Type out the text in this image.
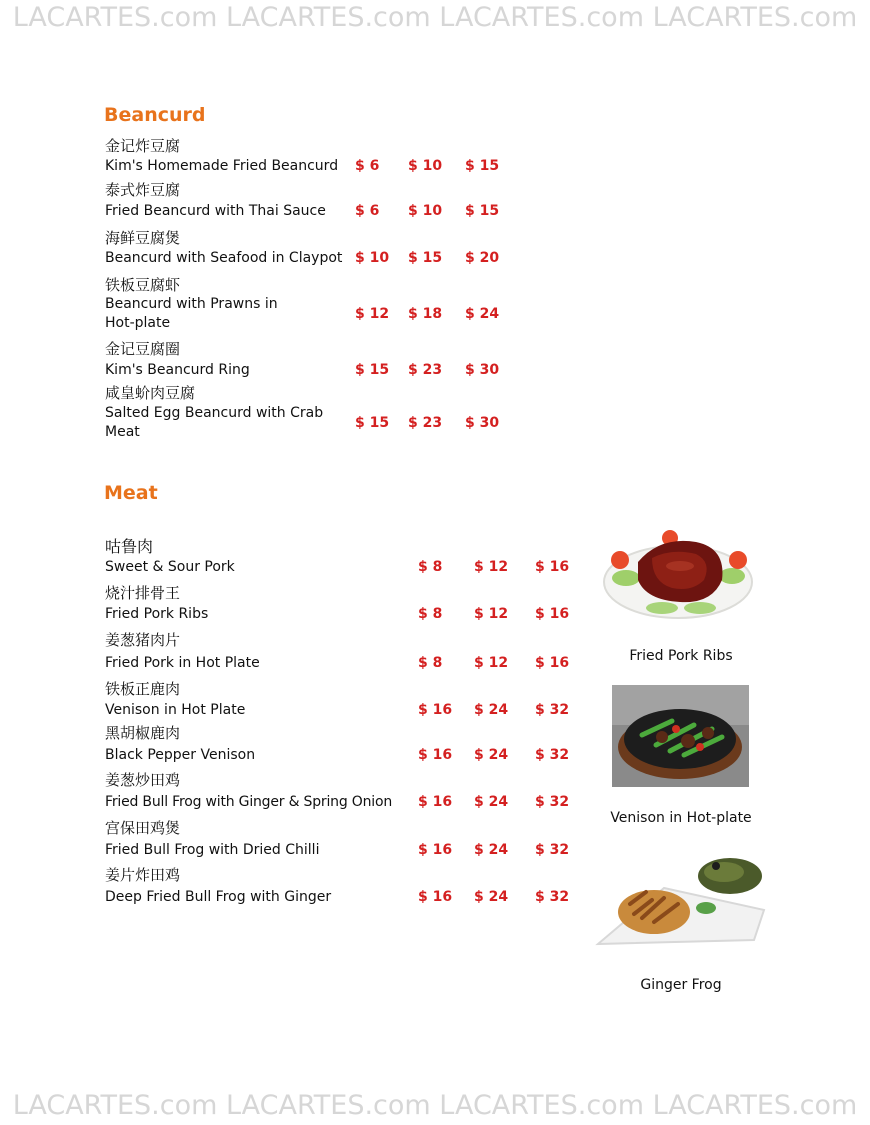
LACARTES.com LACARTES.com LACARTES.com LACARTES.com
Beancurd
金记炸豆腐
Kim's Homemade Fried Beancurd $ 6 $ 10 $ 15
泰式炸豆腐
Fried Beancurd with Thai Sauce $ 6 $ 10 $ 15
海鲜豆腐煲
Beancurd with Seafood in Claypot $ 10 $ 15 $ 20
铁板豆腐虾
Beancurd with Prawns in
Hot-plate
$ 12 $ 18 $ 24
金记豆腐圈
Kim's Beancurd Ring	$ 15 $ 23 $ 30
咸皇蚧肉豆腐
Salted Egg Beancurd with Crab
Meat
$ 15 $ 23 $ 30
Meat
咕鲁肉
Sweet & Sour Pork	$ 8 $ 12 $ 16
烧汁排骨王
Fried Pork Ribs	$ 8 $ 12 $ 16
姜葱猪肉片
Fried Pork in Hot Plate	$ 8 $ 12 $ 16
铁板正鹿肉
Venison in Hot Plate	$ 16 $ 24 $ 32
黑胡椒鹿肉
Black Pepper Venison	$ 16 $ 24 $ 32
姜葱炒田鸡
Fried Bull Frog with Ginger & Spring Onion $ 16 $ 24 $ 32
宫保田鸡煲
Fried Bull Frog with Dried Chilli	$ 16 $ 24 $ 32
姜片炸田鸡
Deep Fried Bull Frog with Ginger	$ 16 $ 24 $ 32
Fried Pork Ribs
Venison in Hot-plate
Ginger Frog
LACARTES.com LACARTES.com LACARTES.com LACARTES.com
